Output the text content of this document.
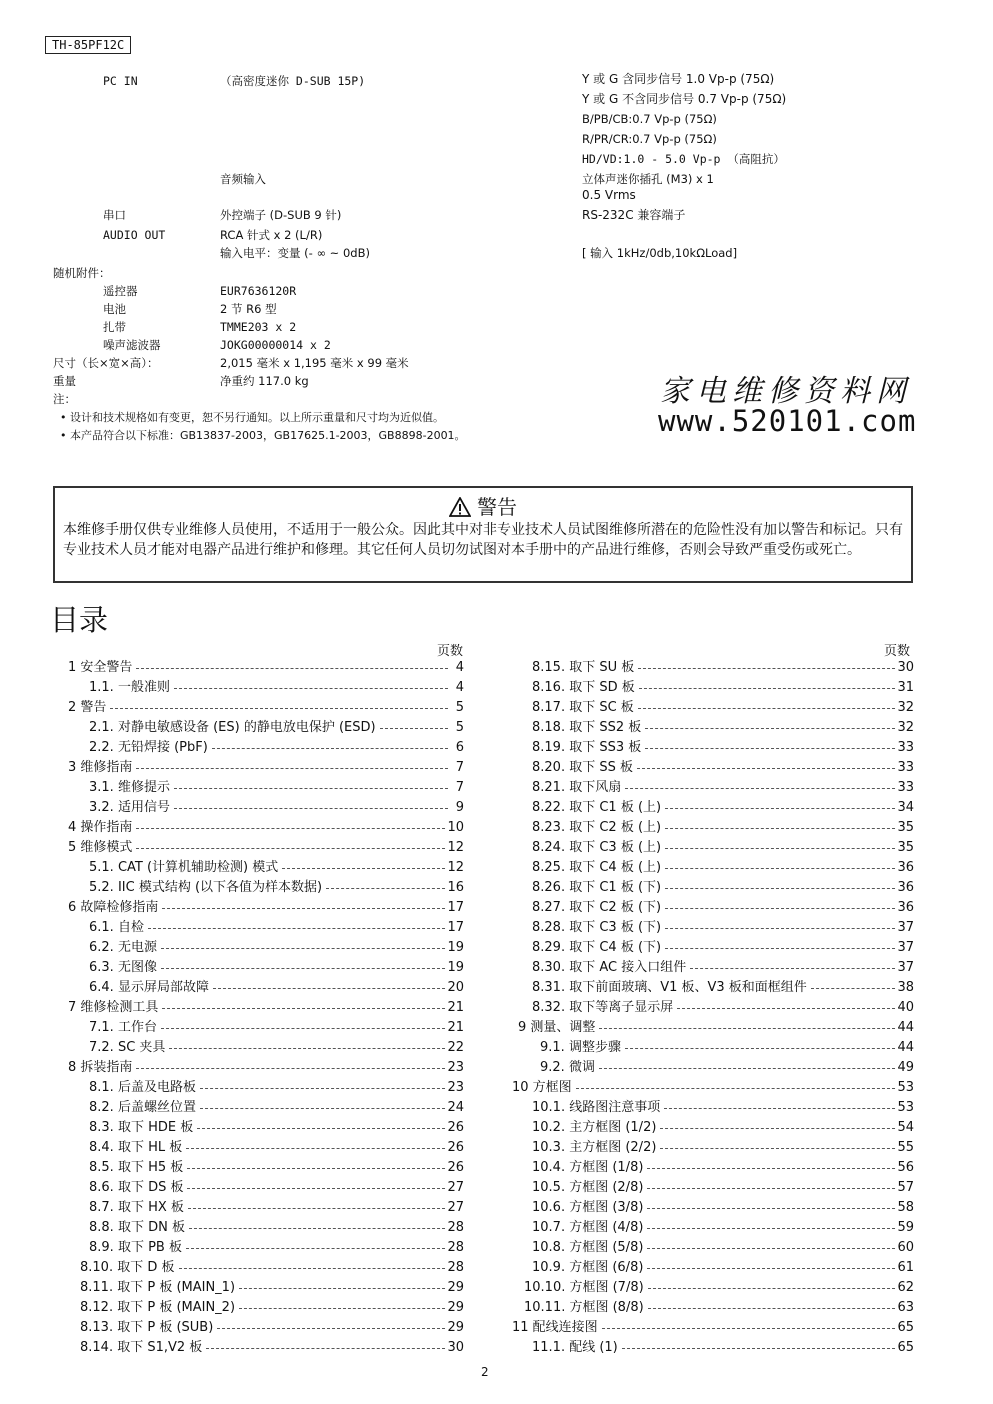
TH-85PF12C
PC IN	（高密度迷你 D-SUB 15P)	Y 或 G 含同步信号 1.0 Vp-p (75Ω)
Y 或 G 不含同步信号 0.7 Vp-p (75Ω)
B/PB/CB:0.7 Vp-p (75Ω)
R/PR/CR:0.7 Vp-p (75Ω)
HD/VD:1.0 - 5.0 Vp-p （高阻抗）
音频输入	立体声迷你插孔 (M3) x 1
0.5 Vrms
串口	外控端子 (D-SUB 9 针)	RS-232C 兼容端子
AUDIO OUT	RCA 针式 x 2 (L/R)
输入电平：变量 (- ∞ ~ 0dB)	[ 输入 1kHz/0db,10kΩLoad]
随机附件：
遥控器	EUR7636120R
电池	2 节 R6 型
扎带	TMME203 x 2
噪声滤波器	JOKG00000014 x 2
尺寸（长×宽×高）：	2,015 毫米 x 1,195 毫米 x 99 毫米
重量	净重约 117.0 kg
注：
• 设计和技术规格如有变更，恕不另行通知。以上所示重量和尺寸均为近似值。
• 本产品符合以下标准：GB13837-2003，GB17625.1-2003，GB8898-2001。
家电维修资料网
www.520101.com
警告
本维修手册仅供专业维修人员使用，不适用于一般公众。因此其中对非专业技术人员试图维修所潜在的危险性没有加以警告和标记。只有专业技术人员才能对电器产品进行维护和修理。其它任何人员切勿试图对本手册中的产品进行维修，否则会导致严重受伤或死亡。
目录
页数	页数
1 安全警告	4
1.1. 一般准则	4
2 警告	5
2.1. 对静电敏感设备 (ES) 的静电放电保护 (ESD)	5
2.2. 无铅焊接 (PbF)	6
3 维修指南	7
3.1. 维修提示	7
3.2. 适用信号	9
4 操作指南	10
5 维修模式	12
5.1. CAT (计算机辅助检测) 模式	12
5.2. IIC 模式结构 (以下各值为样本数据)	16
6 故障检修指南	17
6.1. 自检	17
6.2. 无电源	19
6.3. 无图像	19
6.4. 显示屏局部故障	20
7 维修检测工具	21
7.1. 工作台	21
7.2. SC 夹具	22
8 拆装指南	23
8.1. 后盖及电路板	23
8.2. 后盖螺丝位置	24
8.3. 取下 HDE 板	26
8.4. 取下 HL 板	26
8.5. 取下 H5 板	26
8.6. 取下 DS 板	27
8.7. 取下 HX 板	27
8.8. 取下 DN 板	28
8.9. 取下 PB 板	28
8.10. 取下 D 板	28
8.11. 取下 P 板 (MAIN_1)	29
8.12. 取下 P 板 (MAIN_2)	29
8.13. 取下 P 板 (SUB)	29
8.14. 取下 S1,V2 板	30
8.15. 取下 SU 板	30
8.16. 取下 SD 板	31
8.17. 取下 SC 板	32
8.18. 取下 SS2 板	32
8.19. 取下 SS3 板	33
8.20. 取下 SS 板	33
8.21. 取下风扇	33
8.22. 取下 C1 板 (上)	34
8.23. 取下 C2 板 (上)	35
8.24. 取下 C3 板 (上)	35
8.25. 取下 C4 板 (上)	36
8.26. 取下 C1 板 (下)	36
8.27. 取下 C2 板 (下)	36
8.28. 取下 C3 板 (下)	37
8.29. 取下 C4 板 (下)	37
8.30. 取下 AC 接入口组件	37
8.31. 取下前面玻璃、V1 板、V3 板和面框组件	38
8.32. 取下等离子显示屏	40
9 测量、调整	44
9.1. 调整步骤	44
9.2. 微调	49
10 方框图	53
10.1. 线路图注意事项	53
10.2. 主方框图 (1/2)	54
10.3. 主方框图 (2/2)	55
10.4. 方框图 (1/8)	56
10.5. 方框图 (2/8)	57
10.6. 方框图 (3/8)	58
10.7. 方框图 (4/8)	59
10.8. 方框图 (5/8)	60
10.9. 方框图 (6/8)	61
10.10. 方框图 (7/8)	62
10.11. 方框图 (8/8)	63
11 配线连接图	65
11.1. 配线 (1)	65
2
